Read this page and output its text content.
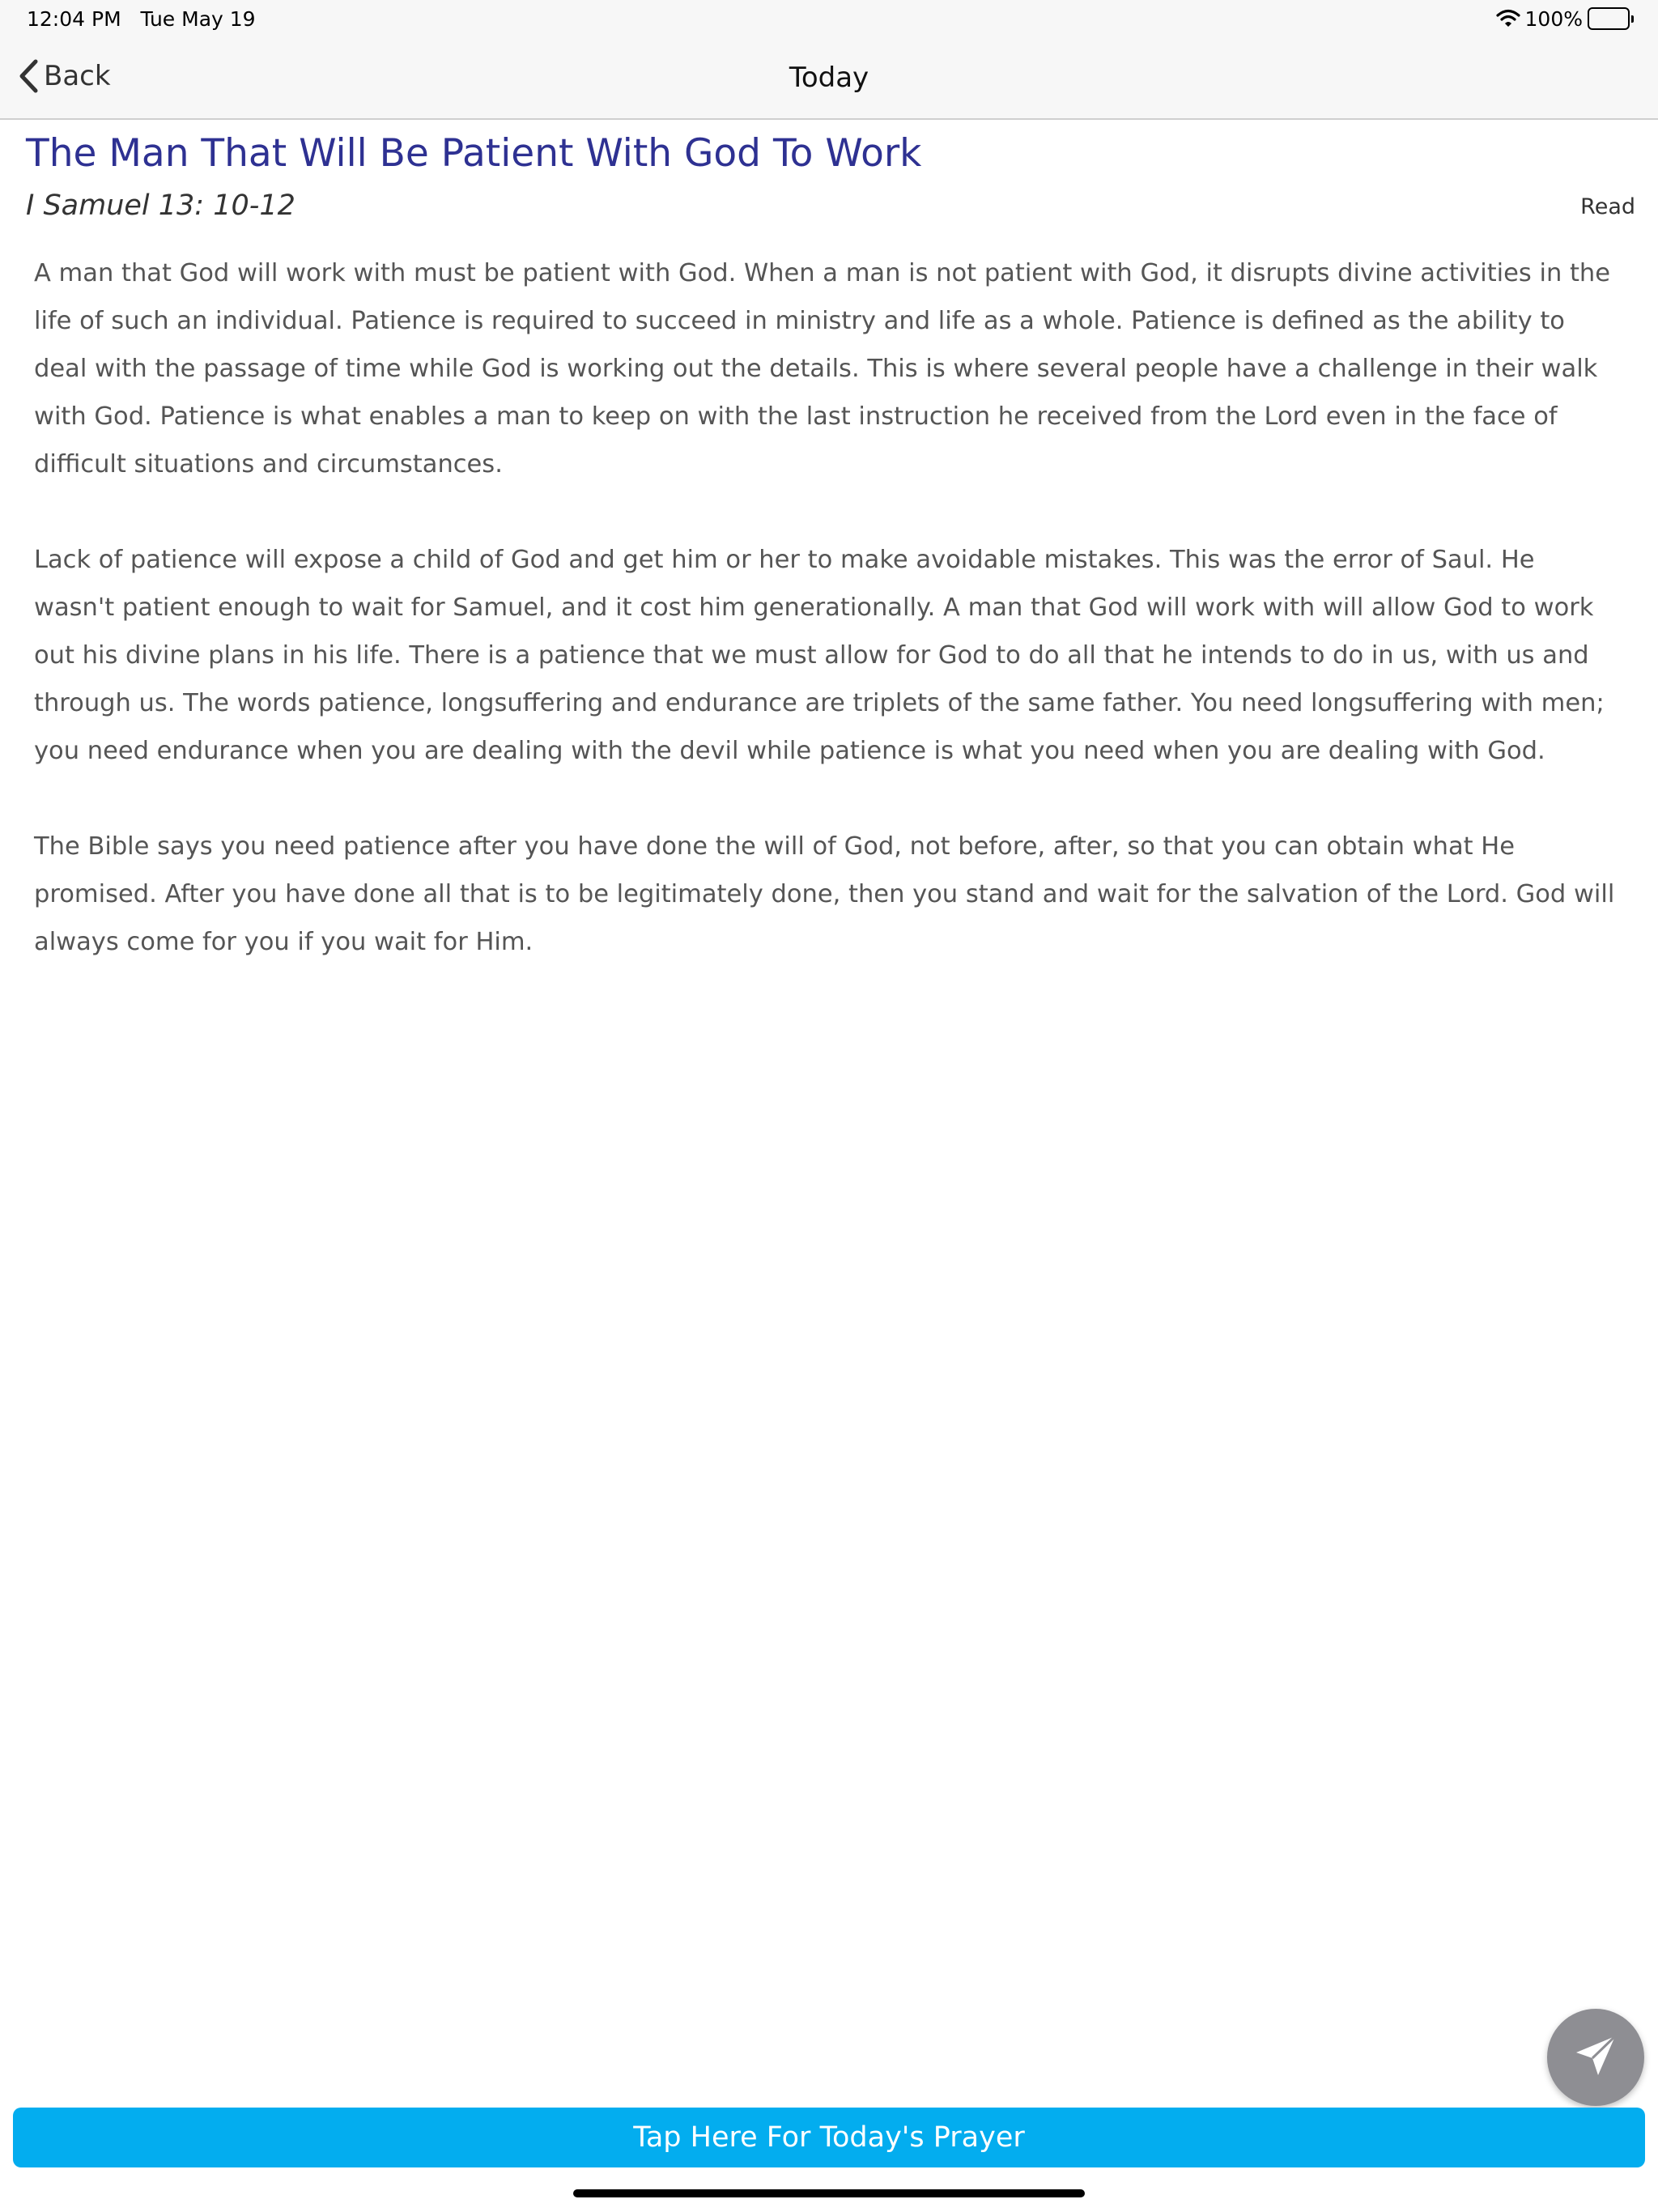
12:04 PM Tue May 19	100%
Back	Today
The Man That Will Be Patient With God To Work
I Samuel 13: 10-12	Read

A man that God will work with must be patient with God. When a man is not patient with God, it disrupts divine activities in the life of such an individual. Patience is required to succeed in ministry and life as a whole. Patience is defined as the ability to deal with the passage of time while God is working out the details. This is where several people have a challenge in their walk with God. Patience is what enables a man to keep on with the last instruction he received from the Lord even in the face of difficult situations and circumstances.

Lack of patience will expose a child of God and get him or her to make avoidable mistakes. This was the error of Saul. He wasn't patient enough to wait for Samuel, and it cost him generationally. A man that God will work with will allow God to work out his divine plans in his life. There is a patience that we must allow for God to do all that he intends to do in us, with us and through us. The words patience, longsuffering and endurance are triplets of the same father. You need longsuffering with men; you need endurance when you are dealing with the devil while patience is what you need when you are dealing with God.

The Bible says you need patience after you have done the will of God, not before, after, so that you can obtain what He promised. After you have done all that is to be legitimately done, then you stand and wait for the salvation of the Lord. God will always come for you if you wait for Him.

Tap Here For Today's Prayer
